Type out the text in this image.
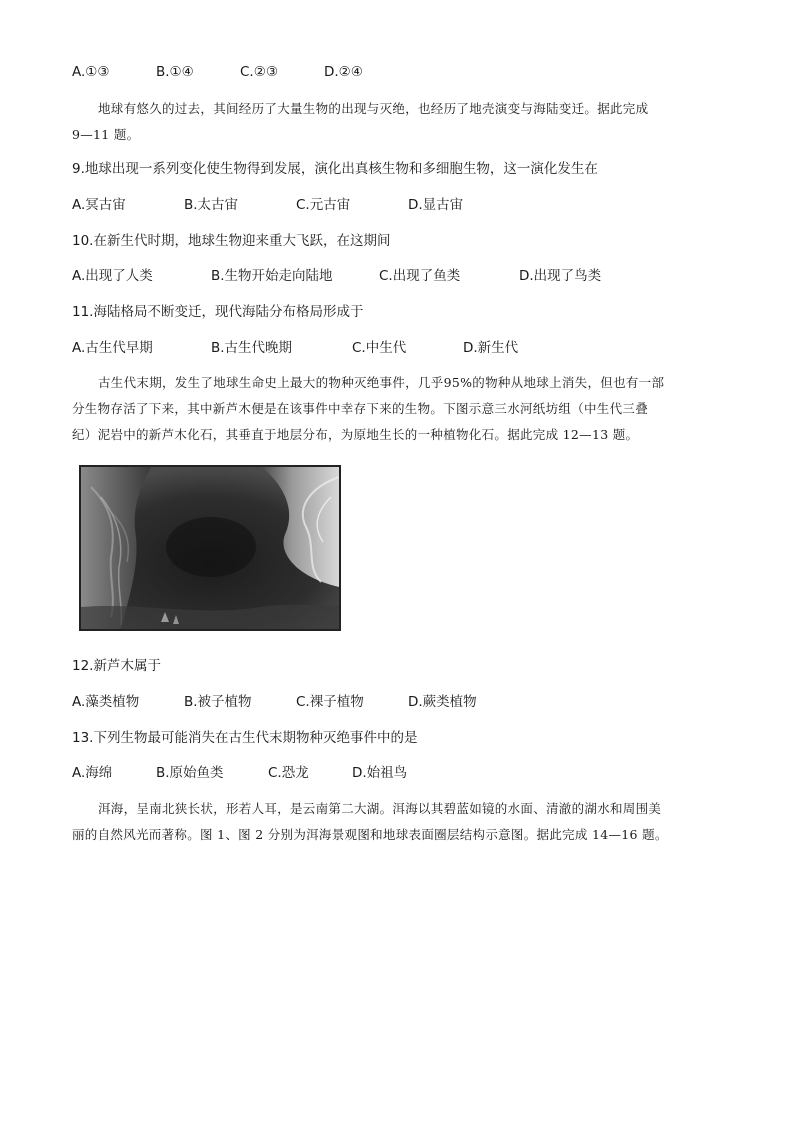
A.①③	B.①④	C.②③	D.②④
地球有悠久的过去，其间经历了大量生物的出现与灭绝，也经历了地壳演变与海陆变迁。据此完成
9—11 题。
9.地球出现一系列变化使生物得到发展，演化出真核生物和多细胞生物，这一演化发生在
A.冥古宙	B.太古宙	C.元古宙	D.显古宙
10.在新生代时期，地球生物迎来重大飞跃，在这期间
A.出现了人类	B.生物开始走向陆地	C.出现了鱼类	D.出现了鸟类
11.海陆格局不断变迁，现代海陆分布格局形成于
A.古生代早期	B.古生代晚期	C.中生代	D.新生代
古生代末期，发生了地球生命史上最大的物种灭绝事件，几乎95%的物种从地球上消失，但也有一部
分生物存活了下来，其中新芦木便是在该事件中幸存下来的生物。下图示意三水河纸坊组（中生代三叠
纪）泥岩中的新芦木化石，其垂直于地层分布，为原地生长的一种植物化石。据此完成 12—13 题。
12.新芦木属于
A.藻类植物	B.被子植物	C.裸子植物	D.蕨类植物
13.下列生物最可能消失在古生代末期物种灭绝事件中的是
A.海绵	B.原始鱼类	C.恐龙	D.始祖鸟
洱海，呈南北狭长状，形若人耳，是云南第二大湖。洱海以其碧蓝如镜的水面、清澈的湖水和周围美
丽的自然风光而著称。图 1、图 2 分别为洱海景观图和地球表面圈层结构示意图。据此完成 14—16 题。
